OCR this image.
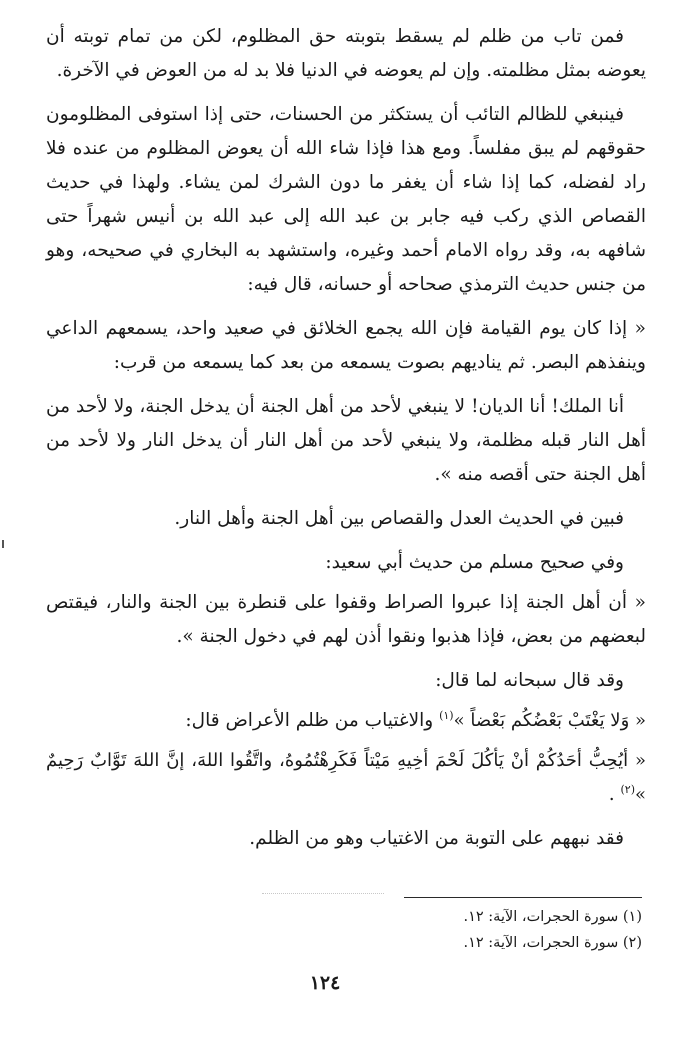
فمن تاب من ظلم لم يسقط بتوبته حق المظلوم، لكن من تمام توبته أن يعوضه بمثل مظلمته. وإن لم يعوضه في الدنيا فلا بد له من العوض في الآخرة.

فينبغي للظالم التائب أن يستكثر من الحسنات، حتى إذا استوفى المظلومون حقوقهم لم يبق مفلساً. ومع هذا فإذا شاء الله أن يعوض المظلوم من عنده فلا راد لفضله، كما إذا شاء أن يغفر ما دون الشرك لمن يشاء. ولهذا في حديث القصاص الذي ركب فيه جابر بن عبد الله إلى عبد الله بن أنيس شهراً حتى شافهه به، وقد رواه الامام أحمد وغيره، واستشهد به البخاري في صحيحه، وهو من جنس حديث الترمذي صحاحه أو حسانه، قال فيه:

« إذا كان يوم القيامة فإن الله يجمع الخلائق في صعيد واحد، يسمعهم الداعي وينفذهم البصر. ثم يناديهم بصوت يسمعه من بعد كما يسمعه من قرب:

أنا الملك! أنا الديان! لا ينبغي لأحد من أهل الجنة أن يدخل الجنة، ولا لأحد من أهل النار قبله مظلمة، ولا ينبغي لأحد من أهل النار أن يدخل النار ولا لأحد من أهل الجنة حتى أقصه منه ».

فبين في الحديث العدل والقصاص بين أهل الجنة وأهل النار.

وفي صحيح مسلم من حديث أبي سعيد:

« أن أهل الجنة إذا عبروا الصراط وقفوا على قنطرة بين الجنة والنار، فيقتص لبعضهم من بعض، فإذا هذبوا ونقوا أذن لهم في دخول الجنة ».

وقد قال سبحانه لما قال:

« وَلا يَغْتَبْ بَعْضُكُم بَعْضاً »$^{(١)}$ والاغتياب من ظلم الأعراض قال:

« أيُحِبُّ أحَدُكُمْ أنْ يَأكُلَ لَحْمَ أخِيهِ مَيْتاً فَكَرِهْتُمُوهُ، واتَّقُوا اللهَ، إنَّ اللهَ تَوَّابٌ رَحِيمٌ »$^{(٢)}$ .

فقد نبههم على التوبة من الاغتياب وهو من الظلم.

(١) سورة الحجرات، الآية: ١٢.
(٢) سورة الحجرات، الآية: ١٢.
١٢٤
